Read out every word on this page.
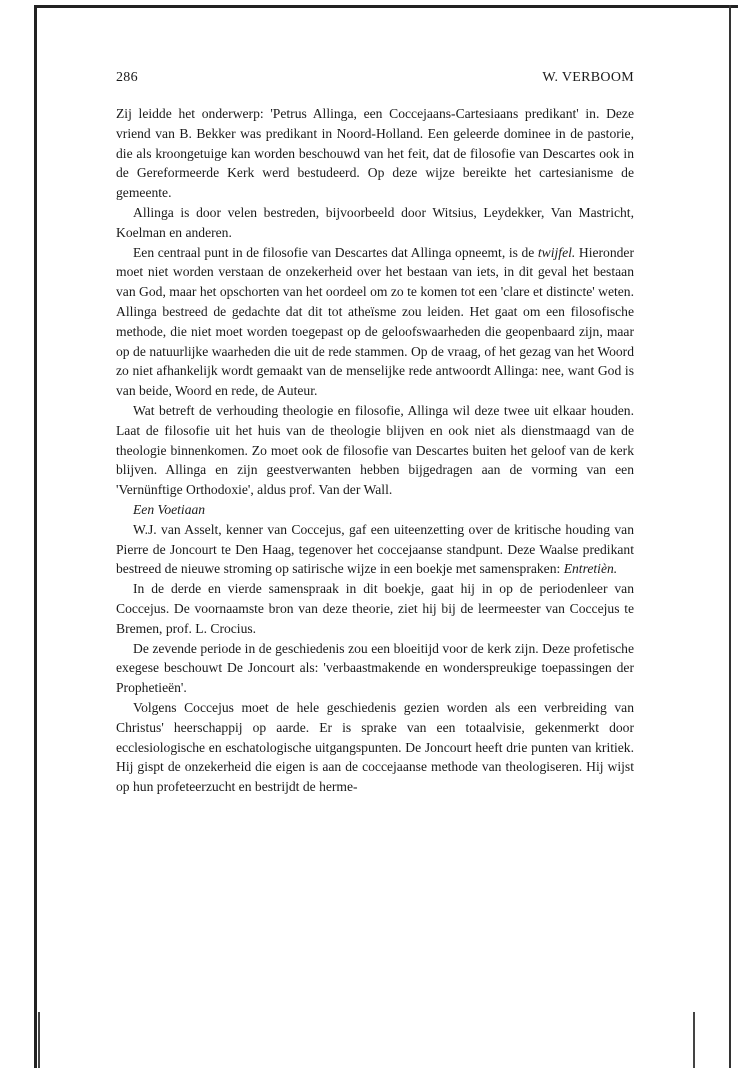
286	W. VERBOOM

Zij leidde het onderwerp: 'Petrus Allinga, een Coccejaans-Cartesiaans predikant' in. Deze vriend van B. Bekker was predikant in Noord-Holland. Een geleerde dominee in de pastorie, die als kroongetuige kan worden beschouwd van het feit, dat de filosofie van Descartes ook in de Gereformeerde Kerk werd bestudeerd. Op deze wijze bereikte het cartesianisme de gemeente.

Allinga is door velen bestreden, bijvoorbeeld door Witsius, Leydekker, Van Mastricht, Koelman en anderen.

Een centraal punt in de filosofie van Descartes dat Allinga opneemt, is de twijfel. Hieronder moet niet worden verstaan de onzekerheid over het bestaan van iets, in dit geval het bestaan van God, maar het opschorten van het oordeel om zo te komen tot een 'clare et distincte' weten. Allinga bestreed de gedachte dat dit tot atheïsme zou leiden. Het gaat om een filosofische methode, die niet moet worden toegepast op de geloofswaarheden die geopenbaard zijn, maar op de natuurlijke waarheden die uit de rede stammen. Op de vraag, of het gezag van het Woord zo niet afhankelijk wordt gemaakt van de menselijke rede antwoordt Allinga: nee, want God is van beide, Woord en rede, de Auteur.

Wat betreft de verhouding theologie en filosofie, Allinga wil deze twee uit elkaar houden. Laat de filosofie uit het huis van de theologie blijven en ook niet als dienstmaagd van de theologie binnenkomen. Zo moet ook de filosofie van Descartes buiten het geloof van de kerk blijven. Allinga en zijn geestverwanten hebben bijgedragen aan de vorming van een 'Vernünftige Orthodoxie', aldus prof. Van der Wall.

Een Voetiaan

W.J. van Asselt, kenner van Coccejus, gaf een uiteenzetting over de kritische houding van Pierre de Joncourt te Den Haag, tegenover het coccejaanse standpunt. Deze Waalse predikant bestreed de nieuwe stroming op satirische wijze in een boekje met samenspraken: Entretièn.

In de derde en vierde samenspraak in dit boekje, gaat hij in op de periodenleer van Coccejus. De voornaamste bron van deze theorie, ziet hij bij de leermeester van Coccejus te Bremen, prof. L. Crocius.

De zevende periode in de geschiedenis zou een bloeitijd voor de kerk zijn. Deze profetische exegese beschouwt De Joncourt als: 'verbaastmakende en wonderspreukige toepassingen der Prophetieën'.

Volgens Coccejus moet de hele geschiedenis gezien worden als een verbreiding van Christus' heerschappij op aarde. Er is sprake van een totaalvisie, gekenmerkt door ecclesiologische en eschatologische uitgangspunten. De Joncourt heeft drie punten van kritiek. Hij gispt de onzekerheid die eigen is aan de coccejaanse methode van theologiseren. Hij wijst op hun profeteerzucht en bestrijdt de herme-
